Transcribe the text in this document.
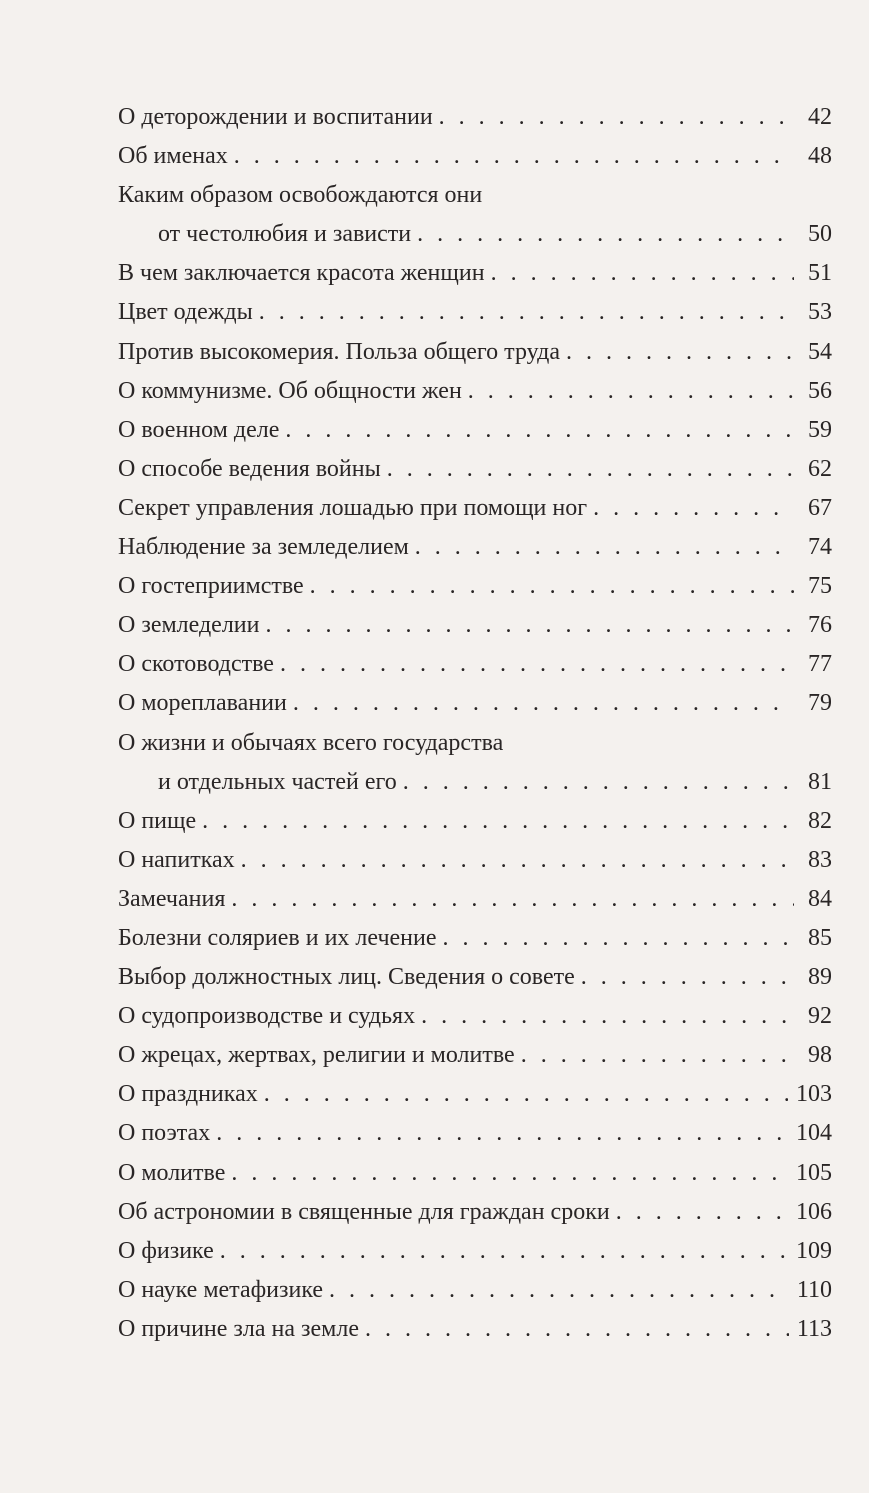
О деторождении и воспитании . . .	42
Об именах . . .	48
Каким образом освобождаются они
от честолюбия и зависти . . .	50
В чем заключается красота женщин . . .	51
Цвет одежды . . .	53
Против высокомерия. Польза общего труда . . .	54
О коммунизме. Об общности жен . . .	56
О военном деле . . .	59
О способе ведения войны . . .	62
Секрет управления лошадью при помощи ног . . .	67
Наблюдение за земледелием . . .	74
О гостеприимстве . . .	75
О земледелии . . .	76
О скотоводстве . . .	77
О мореплавании . . .	79
О жизни и обычаях всего государства
и отдельных частей его . . .	81
О пище . . .	82
О напитках . . .	83
Замечания . . .	84
Болезни соляриев и их лечение . . .	85
Выбор должностных лиц. Сведения о совете . . .	89
О судопроизводстве и судьях . . .	92
О жрецах, жертвах, религии и молитве . . .	98
О праздниках . . .	103
О поэтах . . .	104
О молитве . . .	105
Об астрономии в священные для граждан сроки . . .	106
О физике . . .	109
О науке метафизике . . .	110
О причине зла на земле . . .	113
